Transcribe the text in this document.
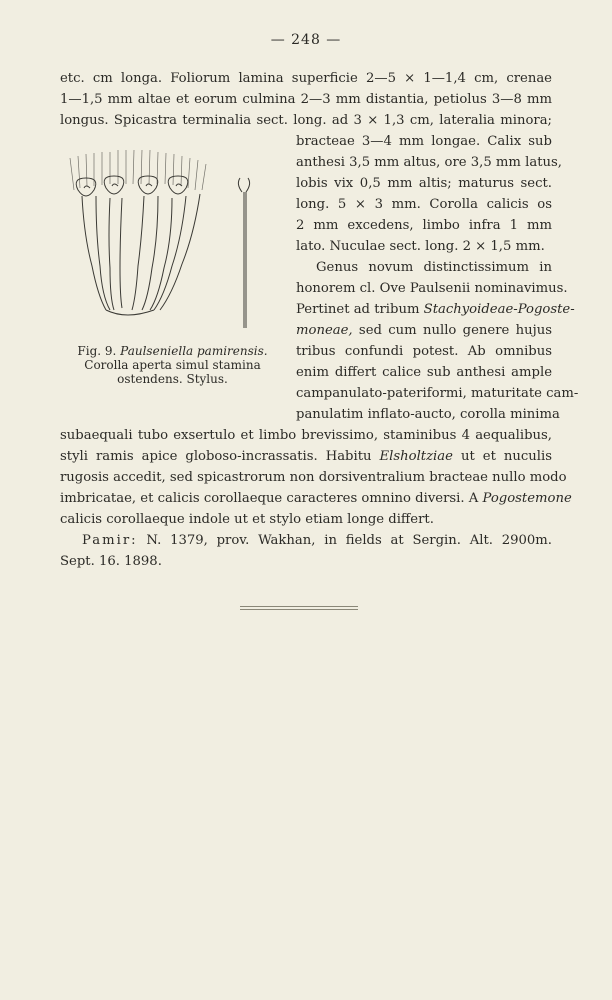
— 248 —
etc. cm longa. Foliorum lamina superficie 2—5 × 1—1,4 cm, crenae
1—1,5 mm altae et eorum culmina 2—3 mm distantia, petiolus 3—8 mm
longus. Spicastra terminalia sect. long. ad 3 × 1,3 cm, lateralia minora;
bracteae 3—4 mm longae. Calix sub
anthesi 3,5 mm altus, ore 3,5 mm latus,
lobis vix 0,5 mm altis; maturus sect.
long. 5 × 3 mm. Corolla calicis os
2 mm excedens, limbo infra 1 mm
lato. Nuculae sect. long. 2 × 1,5 mm.
Genus novum distinctissimum in
honorem cl. Ove Paulsenii nominavimus.
Pertinet ad tribum Stachyoideae-Pogoste-
moneae, sed cum nullo genere hujus
tribus confundi potest. Ab omnibus
enim differt calice sub anthesi ample
campanulato-pateriformi, maturitate cam-
panulatim inflato-aucto, corolla minima
subaequali tubo exsertulo et limbo brevissimo, staminibus 4 aequalibus,
styli ramis apice globoso-incrassatis. Habitu Elsholtziae ut et nuculis
rugosis accedit, sed spicastrorum non dorsiventralium bracteae nullo modo
imbricatae, et calicis corollaeque caracteres omnino diversi. A Pogostemone
calicis corollaeque indole ut et stylo etiam longe differt.
Pamir: N. 1379, prov. Wakhan, in fields at Sergin. Alt. 2900m.
Sept. 16. 1898.
Fig. 9. Paulseniella pamirensis.
Corolla aperta simul stamina ostendens. Stylus.
